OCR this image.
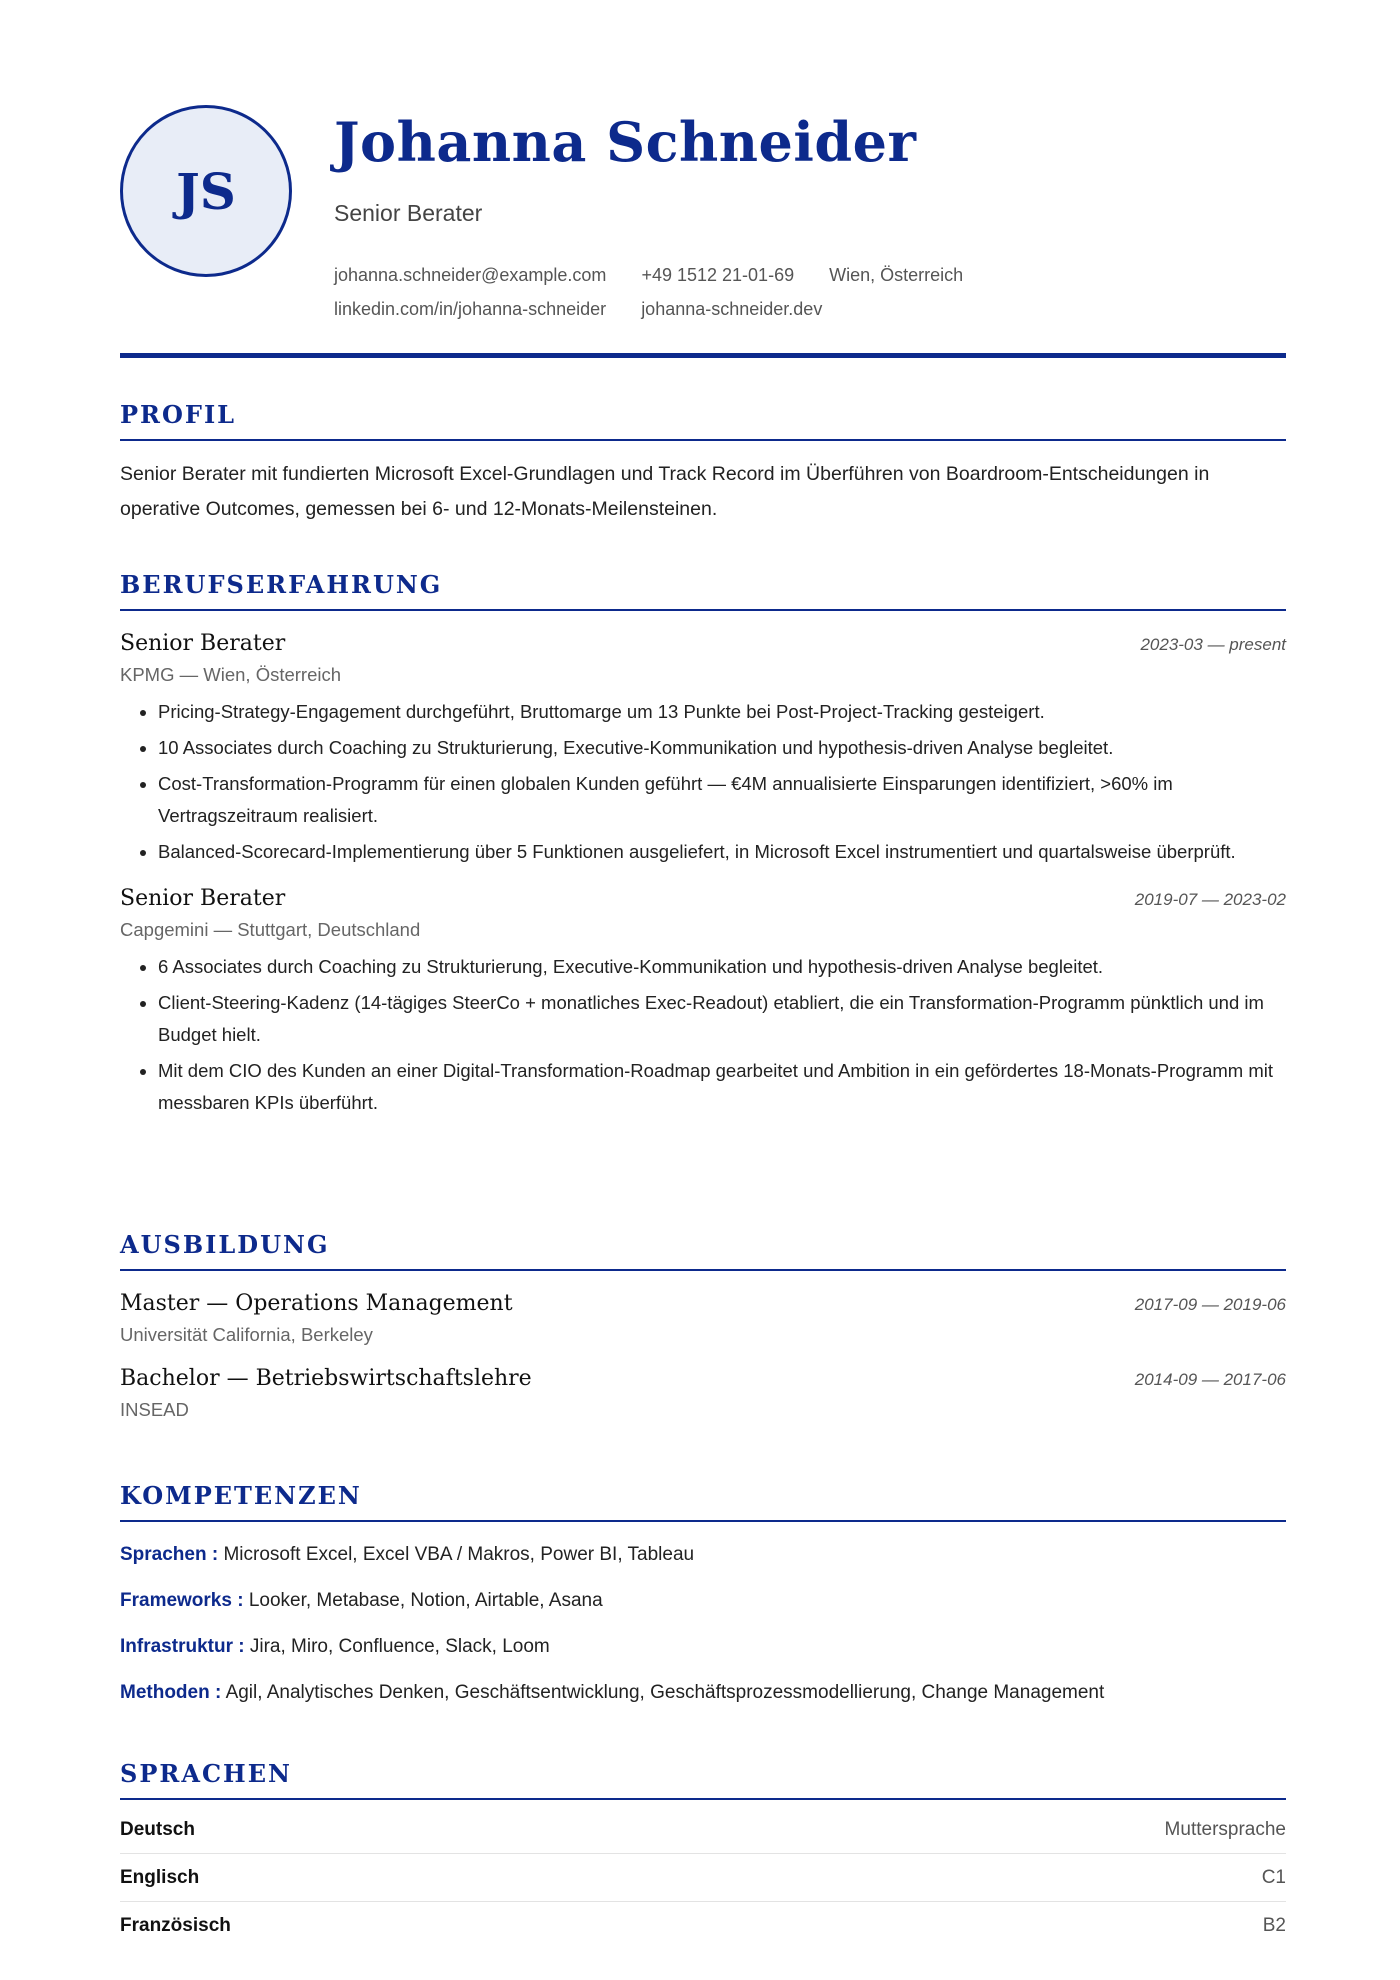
JS
Johanna Schneider
Senior Berater
johanna.schneider@example.com +49 1512 21-01-69 Wien, Österreich
linkedin.com/in/johanna-schneider johanna-schneider.dev
PROFIL
Senior Berater mit fundierten Microsoft Excel-Grundlagen und Track Record im Überführen von Boardroom-Entscheidungen in operative Outcomes, gemessen bei 6- und 12-Monats-Meilensteinen.
BERUFSERFAHRUNG
Senior Berater	2023-03 — present
KPMG — Wien, Österreich
• Pricing-Strategy-Engagement durchgeführt, Bruttomarge um 13 Punkte bei Post-Project-Tracking gesteigert.
• 10 Associates durch Coaching zu Strukturierung, Executive-Kommunikation und hypothesis-driven Analyse begleitet.
• Cost-Transformation-Programm für einen globalen Kunden geführt — €4M annualisierte Einsparungen identifiziert, >60% im Vertragszeitraum realisiert.
• Balanced-Scorecard-Implementierung über 5 Funktionen ausgeliefert, in Microsoft Excel instrumentiert und quartalsweise überprüft.
Senior Berater	2019-07 — 2023-02
Capgemini — Stuttgart, Deutschland
• 6 Associates durch Coaching zu Strukturierung, Executive-Kommunikation und hypothesis-driven Analyse begleitet.
• Client-Steering-Kadenz (14-tägiges SteerCo + monatliches Exec-Readout) etabliert, die ein Transformation-Programm pünktlich und im Budget hielt.
• Mit dem CIO des Kunden an einer Digital-Transformation-Roadmap gearbeitet und Ambition in ein gefördertes 18-Monats-Programm mit messbaren KPIs überführt.
AUSBILDUNG
Master — Operations Management	2017-09 — 2019-06
Universität California, Berkeley
Bachelor — Betriebswirtschaftslehre	2014-09 — 2017-06
INSEAD
KOMPETENZEN
Sprachen : Microsoft Excel, Excel VBA / Makros, Power BI, Tableau
Frameworks : Looker, Metabase, Notion, Airtable, Asana
Infrastruktur : Jira, Miro, Confluence, Slack, Loom
Methoden : Agil, Analytisches Denken, Geschäftsentwicklung, Geschäftsprozessmodellierung, Change Management
SPRACHEN
Deutsch	Muttersprache
Englisch	C1
Französisch	B2
